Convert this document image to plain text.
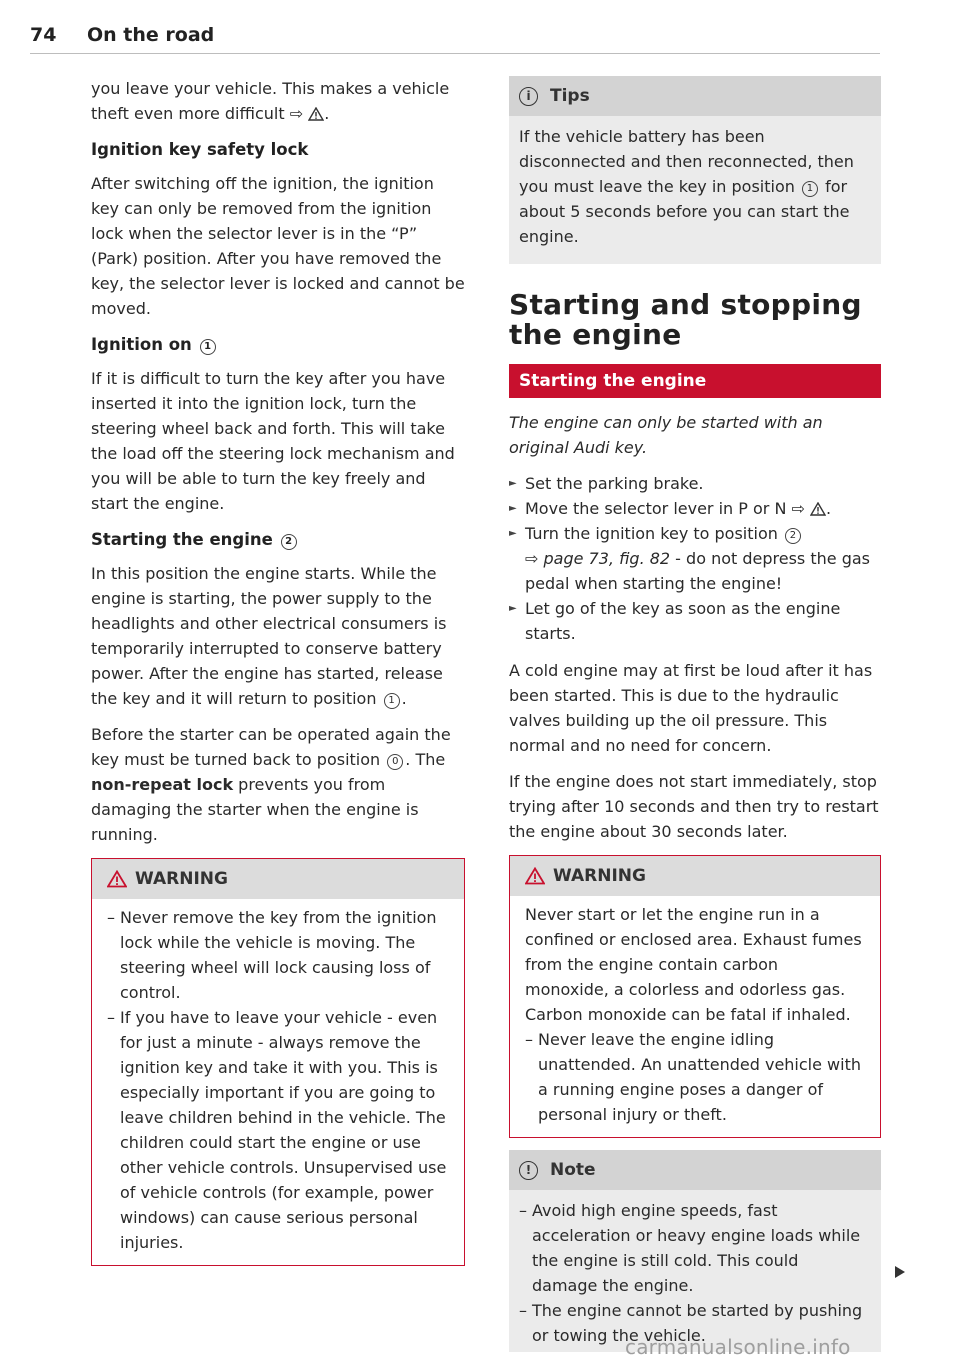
74 On the road

you leave your vehicle. This makes a vehicle theft even more difficult ⇨ .

Ignition key safety lock

After switching off the ignition, the ignition key can only be removed from the ignition lock when the selector lever is in the “P” (Park) position. After you have removed the key, the selector lever is locked and cannot be moved.

Ignition on 1

If it is difficult to turn the key after you have inserted it into the ignition lock, turn the steering wheel back and forth. This will take the load off the steering lock mechanism and you will be able to turn the key freely and start the engine.

Starting the engine 2

In this position the engine starts. While the engine is starting, the power supply to the headlights and other electrical consumers is temporarily interrupted to conserve battery power. After the engine has started, release the key and it will return to position 1 .

Before the starter can be operated again the key must be turned back to position 0 . The non-repeat lock prevents you from damaging the starter when the engine is running.

WARNING
– Never remove the key from the ignition lock while the vehicle is moving. The steering wheel will lock causing loss of control.
– If you have to leave your vehicle - even for just a minute - always remove the ignition key and take it with you. This is especially important if you are going to leave children behind in the vehicle. The children could start the engine or use other vehicle controls. Unsupervised use of vehicle controls (for example, power windows) can cause serious personal injuries.
i	Tips

If the vehicle battery has been disconnected and then reconnected, then you must leave the key in position 1 for about 5 seconds before you can start the engine.

Starting and stopping the engine
Starting the engine

The engine can only be started with an original Audi key.

► Set the parking brake.
► Move the selector lever in P or N ⇨ .
► Turn the ignition key to position 2
⇨ page 73, fig. 82 - do not depress the gas pedal when starting the engine!
► Let go of the key as soon as the engine starts.

A cold engine may at first be loud after it has been started. This is due to the hydraulic valves building up the oil pressure. This normal and no need for concern.

If the engine does not start immediately, stop trying after 10 seconds and then try to restart the engine about 30 seconds later.

WARNING

Never start or let the engine run in a confined or enclosed area. Exhaust fumes from the engine contain carbon monoxide, a colorless and odorless gas. Carbon monoxide can be fatal if inhaled.

– Never leave the engine idling unattended. An unattended vehicle with a running engine poses a danger of personal injury or theft.
!	Note
– Avoid high engine speeds, fast acceleration or heavy engine loads while the engine is still cold. This could damage the engine.
– The engine cannot be started by pushing or towing the vehicle.
carmanualsonline.info
